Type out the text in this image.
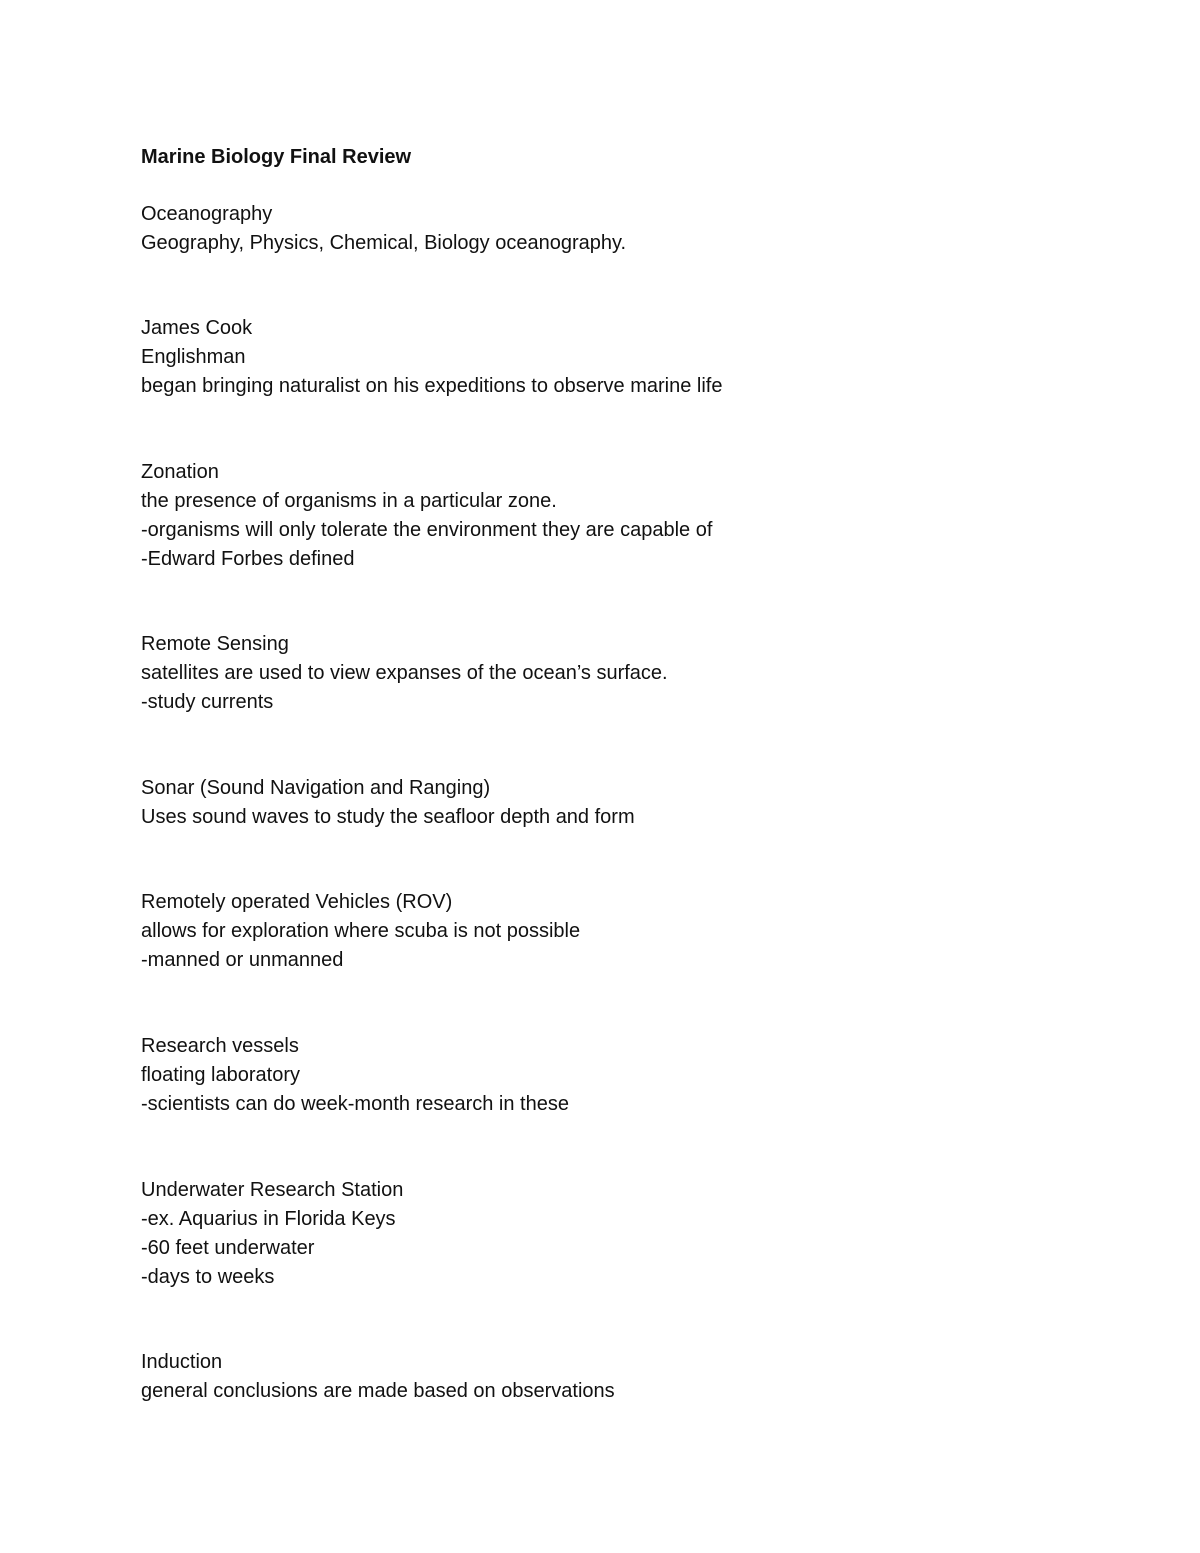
Marine Biology Final Review
Oceanography
Geography, Physics, Chemical, Biology oceanography.
James Cook
Englishman
began bringing naturalist on his expeditions to observe marine life
Zonation
the presence of organisms in a particular zone.
-organisms will only tolerate the environment they are capable of
-Edward Forbes defined
Remote Sensing
satellites are used to view expanses of the ocean’s surface.
-study currents
Sonar (Sound Navigation and Ranging)
Uses sound waves to study the seafloor depth and form
Remotely operated Vehicles (ROV)
allows for exploration where scuba is not possible
-manned or unmanned
Research vessels
floating laboratory
-scientists can do week-month research in these
Underwater Research Station
-ex. Aquarius in Florida Keys
-60 feet underwater
-days to weeks
Induction
general conclusions are made based on observations
